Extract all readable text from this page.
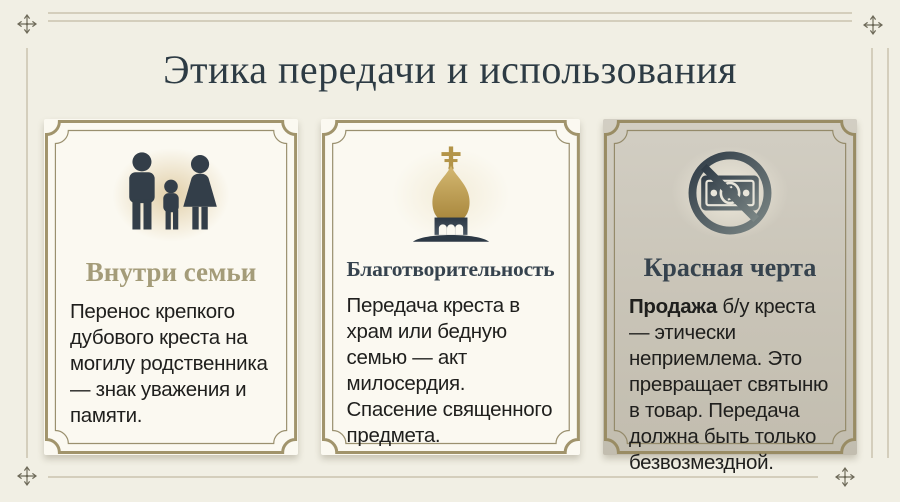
Этика передачи и использования
Внутри семьи
Перенос крепкого дубового креста на могилу родственника — знак уважения и памяти.
Благотворительность
Передача креста в храм или бедную семью — акт милосердия. Спасение священного предмета.
Красная черта
Продажа б/у креста — этически неприемлема. Это превращает святыню в товар. Передача должна быть только безвозмездной.
